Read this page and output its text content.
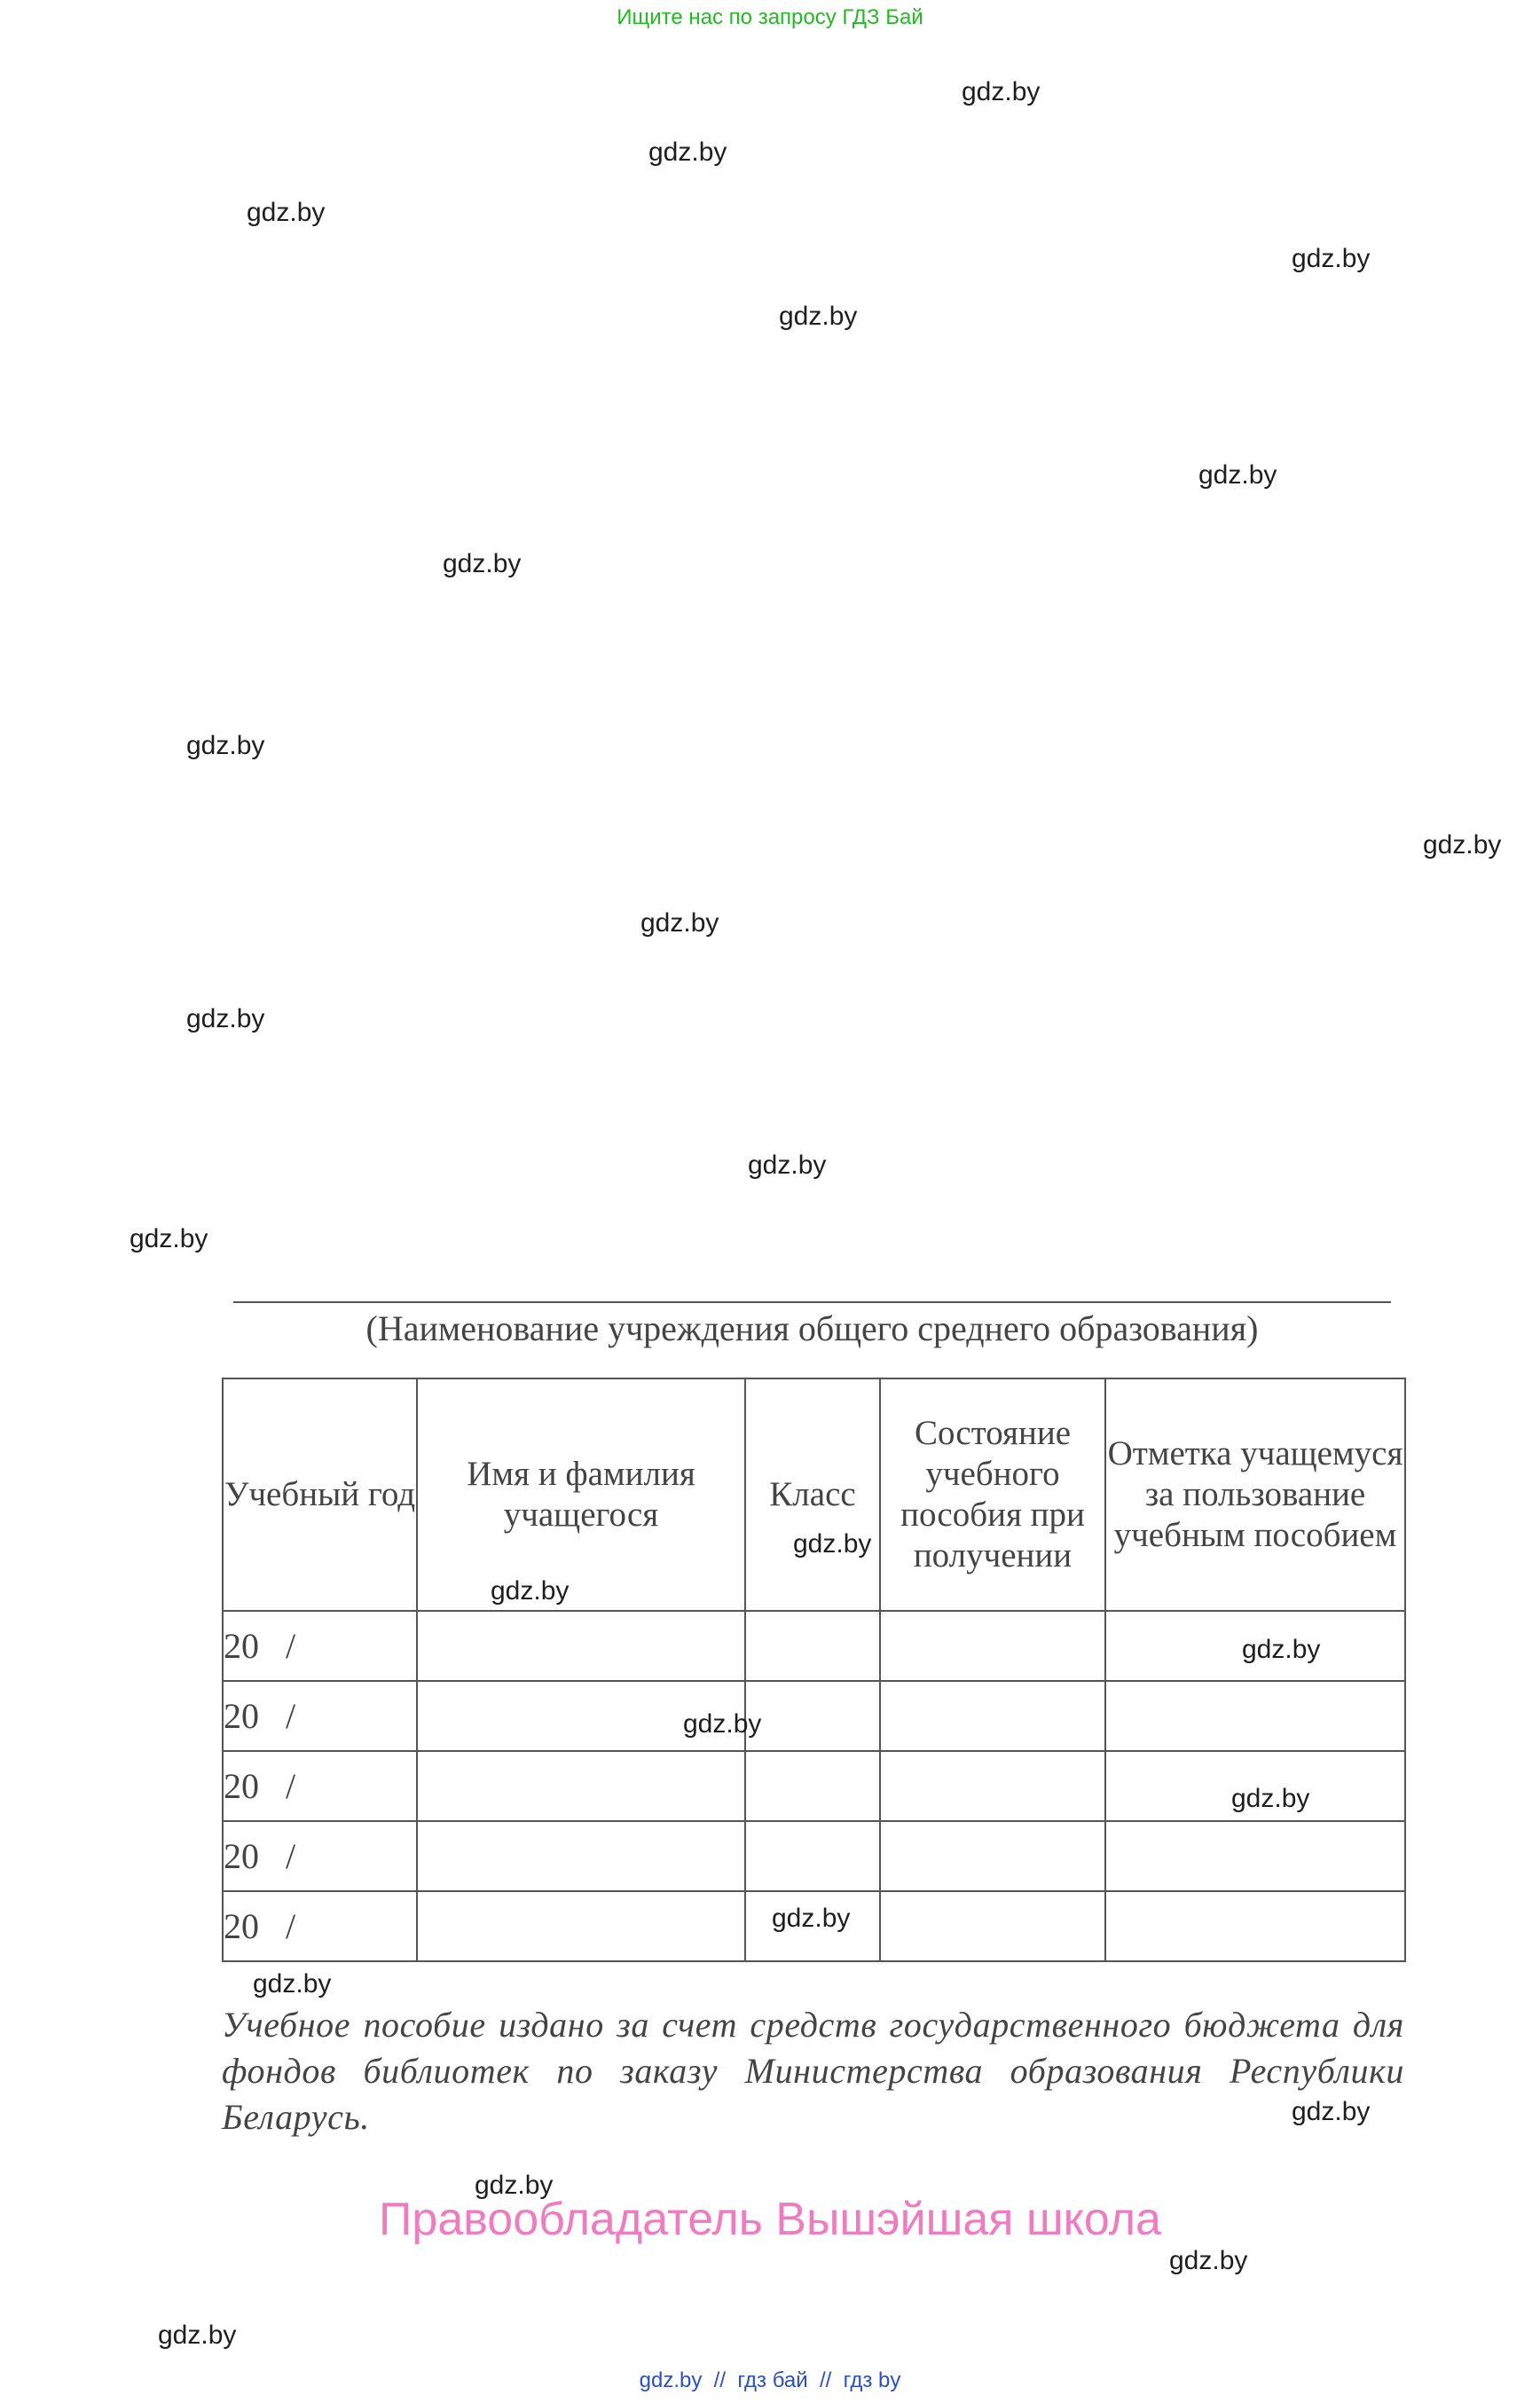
Ищите нас по запросу ГДЗ Бай
gdz.by
gdz.by
gdz.by
gdz.by
gdz.by
gdz.by
gdz.by
gdz.by
gdz.by
gdz.by
gdz.by
gdz.by
gdz.by
(Наименование учреждения общего среднего образования)
Учебный год	Имя и фамилия учащегося	Класс	Состояние учебного пособия при получении	Отметка учащемуся за пользование учебным пособием
20   /				
20   /				
20   /				
20   /				
20   /				
gdz.by
gdz.by
gdz.by
gdz.by
gdz.by
gdz.by
gdz.by
Учебное пособие издано за счет средств государственного бюджета для фондов библиотек по заказу Министерства образования Республики Беларусь.	gdz.by
gdz.by
Правообладатель Вышэйшая школа
gdz.by
gdz.by
gdz.by  //  гдз бай  //  гдз by
